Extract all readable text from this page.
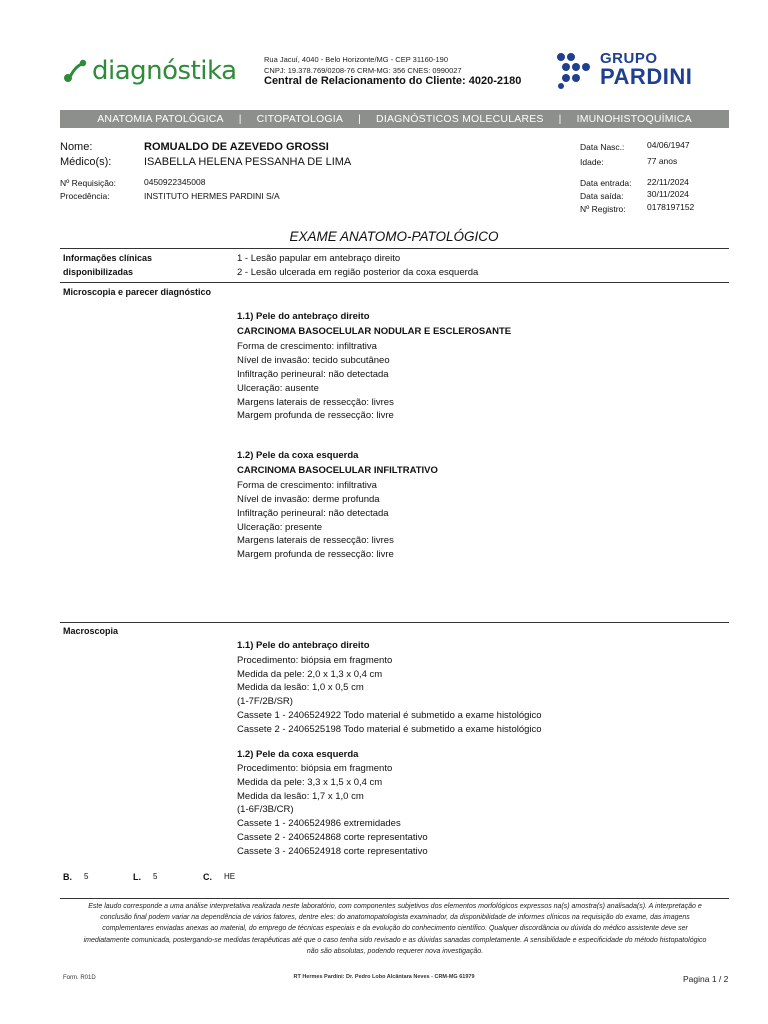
diagnóstika	Rua Jacuí, 4040 - Belo Horizonte/MG - CEP 31160-190
CNPJ: 19.378.769/0208-76 CRM-MG: 356 CNES: 0990027
Central de Relacionamento do Cliente: 4020-2180
GRUPO
PARDINI
ANATOMIA PATOLÓGICA	|	CITOPATOLOGIA	|	DIAGNÓSTICOS MOLECULARES	|	IMUNOHISTOQUÍMICA
Nome:	ROMUALDO DE AZEVEDO GROSSI
Médico(s):	ISABELLA HELENA PESSANHA DE LIMA
Nº Requisição:	0450922345008
Procedência:	INSTITUTO HERMES PARDINI S/A
Data Nasc.:	04/06/1947
Idade:	77 anos
Data entrada: 22/11/2024
Data saída:	30/11/2024
Nº Registro:	0178197152
EXAME ANATOMO-PATOLÓGICO
Informações clínicas disponibilizadas
1 - Lesão papular em antebraço direito
2 - Lesão ulcerada em região posterior da coxa esquerda
Microscopia e parecer diagnóstico
1.1) Pele do antebraço direito
CARCINOMA BASOCELULAR NODULAR E ESCLEROSANTE
Forma de crescimento: infiltrativa
Nível de invasão: tecido subcutâneo
Infiltração perineural: não detectada
Ulceração: ausente
Margens laterais de ressecção: livres
Margem profunda de ressecção: livre
1.2) Pele da coxa esquerda
CARCINOMA BASOCELULAR INFILTRATIVO
Forma de crescimento: infiltrativa
Nível de invasão: derme profunda
Infiltração perineural: não detectada
Ulceração: presente
Margens laterais de ressecção: livres
Margem profunda de ressecção: livre
Macroscopia
1.1) Pele do antebraço direito
Procedimento: biópsia em fragmento
Medida da pele: 2,0 x 1,3 x 0,4 cm
Medida da lesão: 1,0 x 0,5 cm
(1-7F/2B/SR)
Cassete 1 - 2406524922 Todo material é submetido a exame histológico
Cassete 2 - 2406525198 Todo material é submetido a exame histológico
1.2) Pele da coxa esquerda
Procedimento: biópsia em fragmento
Medida da pele: 3,3 x 1,5 x 0,4 cm
Medida da lesão: 1,7 x 1,0 cm
(1-6F/3B/CR)
Cassete 1 - 2406524986 extremidades
Cassete 2 - 2406524868 corte representativo
Cassete 3 - 2406524918 corte representativo
B. $^5$	L. $^5$	C. $^{HE}$
Este laudo corresponde a uma análise interpretativa realizada neste laboratório, com componentes subjetivos dos elementos morfológicos expressos na(s) amostra(s) analisada(s). A interpretação e conclusão final podem variar na dependência de vários fatores, dentre eles: do anatomopatologista examinador, da disponibilidade de informes clínicos na requisição do exame, das imagens complementares enviadas anexas ao material, do emprego de técnicas especiais e da evolução do conhecimento científico. Qualquer discordância ou dúvida do médico assistente deve ser imediatamente comunicada, postergando-se medidas terapêuticas até que o caso tenha sido revisado e as dúvidas sanadas completamente. A sensibilidade e especificidade do método histopatológico não são absolutas, podendo requerer nova investigação.
Form. R01D	RT Hermes Pardini: Dr. Pedro Lobo Alcântara Neves - CRM-MG 61979	Pagina 1 / 2
